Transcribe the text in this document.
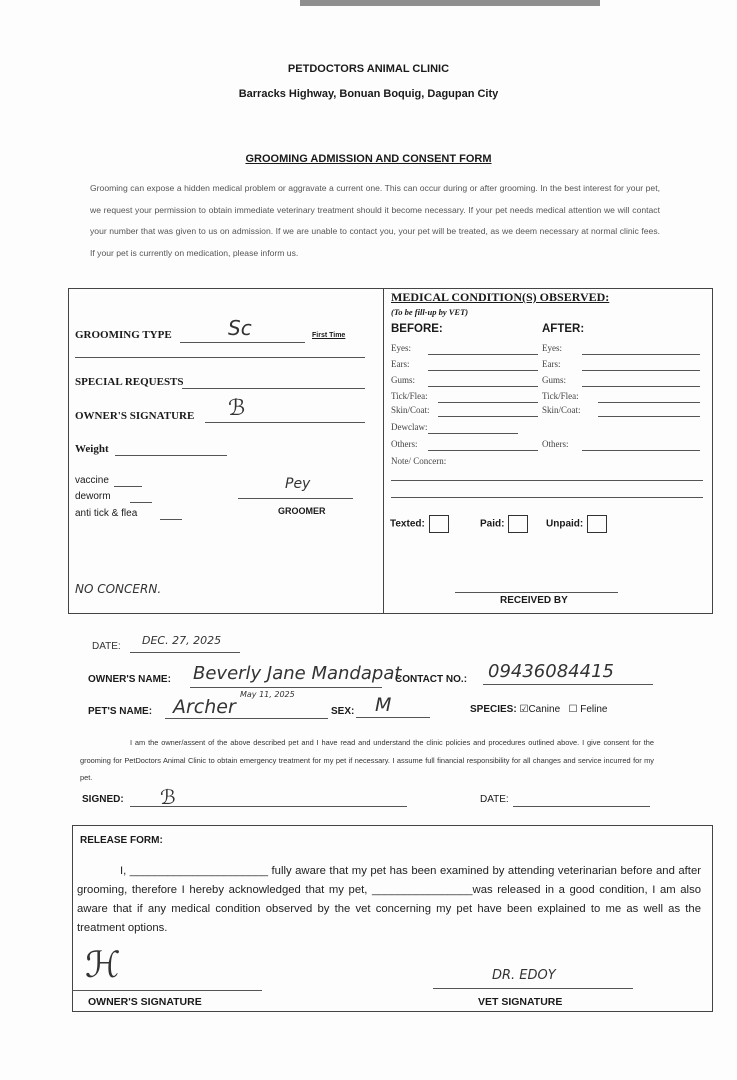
PETDOCTORS ANIMAL CLINIC
Barracks Highway, Bonuan Boquig, Dagupan City
GROOMING ADMISSION AND CONSENT FORM
Grooming can expose a hidden medical problem or aggravate a current one. This can occur during or after grooming. In the best interest for your pet, we request your permission to obtain immediate veterinary treatment should it become necessary. If your pet needs medical attention we will contact your number that was given to us on admission. If we are unable to contact you, your pet will be treated, as we deem necessary at normal clinic fees. If your pet is currently on medication, please inform us.
GROOMING TYPE	Sc	First Time
SPECIAL REQUESTS
OWNER'S SIGNATURE ℬ
Weight
vaccine
deworm
anti tick & flea
Pey
GROOMER
NO CONCERN.
MEDICAL CONDITION(S) OBSERVED:
(To be fill-up by VET)
BEFORE:	AFTER:
Eyes:	Eyes:
Ears:	Ears:
Gums:	Gums:
Tick/Flea:	Tick/Flea:
Skin/Coat:	Skin/Coat:
Dewclaw:
Others:	Others:
Note/ Concern:
Texted:	Paid:	Unpaid:
RECEIVED BY
DATE: DEC. 27, 2025
OWNER'S NAME: Beverly Jane Mandapat
CONTACT NO.: 09436084415
PET'S NAME: Archer
May 11, 2025
SEX: M	SPECIES: ☑Canine ☐ Feline
I am the owner/assent of the above described pet and I have read and understand the clinic policies and procedures outlined above. I give consent for the grooming for PetDoctors Animal Clinic to obtain emergency treatment for my pet if necessary. I assume full financial responsibility for all changes and service incurred for my pet.
SIGNED: ℬ	DATE:
RELEASE FORM:
I, ______________________ fully aware that my pet has been examined by attending veterinarian before and after grooming, therefore I hereby acknowledged that my pet, ________________was released in a good condition, I am also aware that if any medical condition observed by the vet concerning my pet have been explained to me as well as the treatment options.
ℋ
OWNER'S SIGNATURE
DR. EDOY
VET SIGNATURE
